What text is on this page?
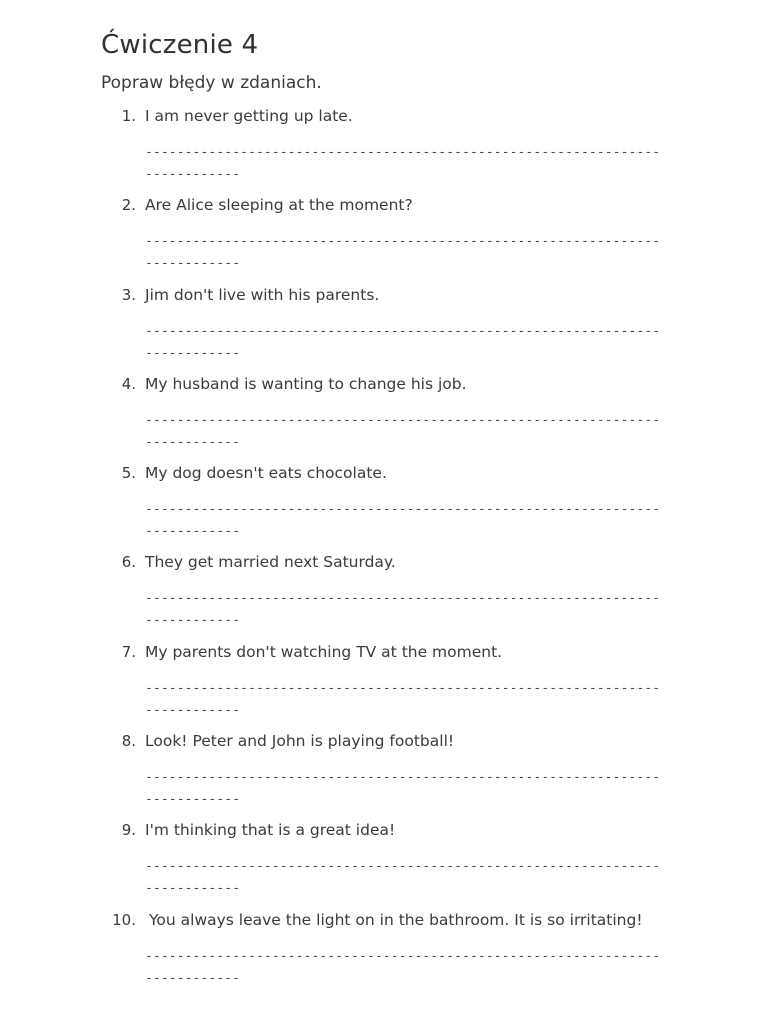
Ćwiczenie 4

Popraw błędy w zdaniach.

1. I am never getting up late.
-----------------------------------------------------------------------------
2. Are Alice sleeping at the moment?
-----------------------------------------------------------------------------
3. Jim don't live with his parents.
-----------------------------------------------------------------------------
4. My husband is wanting to change his job.
-----------------------------------------------------------------------------
5. My dog doesn't eats chocolate.
-----------------------------------------------------------------------------
6. They get married next Saturday.
-----------------------------------------------------------------------------
7. My parents don't watching TV at the moment.
-----------------------------------------------------------------------------
8. Look! Peter and John is playing football!
-----------------------------------------------------------------------------
9. I'm thinking that is a great idea!
-----------------------------------------------------------------------------
10. You always leave the light on in the bathroom. It is so irritating!
-----------------------------------------------------------------------------
